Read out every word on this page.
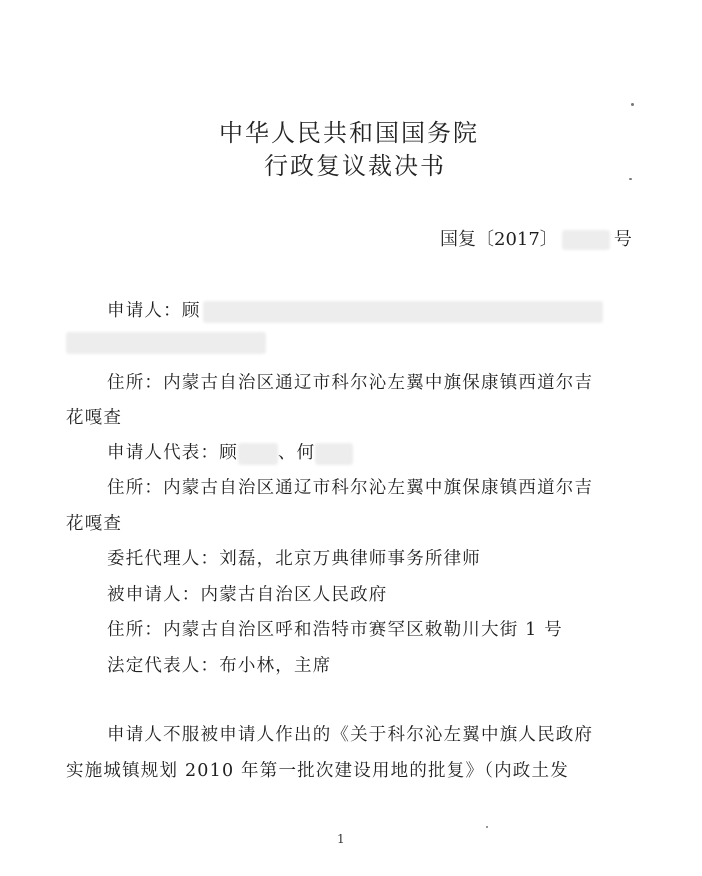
中华人民共和国国务院
行政复议裁决书
国复〔2017〕	号
申请人：顾
住所：内蒙古自治区通辽市科尔沁左翼中旗保康镇西道尔吉
花嘎查
申请人代表：顾 、何
住所：内蒙古自治区通辽市科尔沁左翼中旗保康镇西道尔吉
花嘎查
委托代理人：刘磊，北京万典律师事务所律师
被申请人：内蒙古自治区人民政府
住所：内蒙古自治区呼和浩特市赛罕区敕勒川大街 1 号
法定代表人：布小林，主席
申请人不服被申请人作出的《关于科尔沁左翼中旗人民政府
实施城镇规划 2010 年第一批次建设用地的批复》（内政土发
1
